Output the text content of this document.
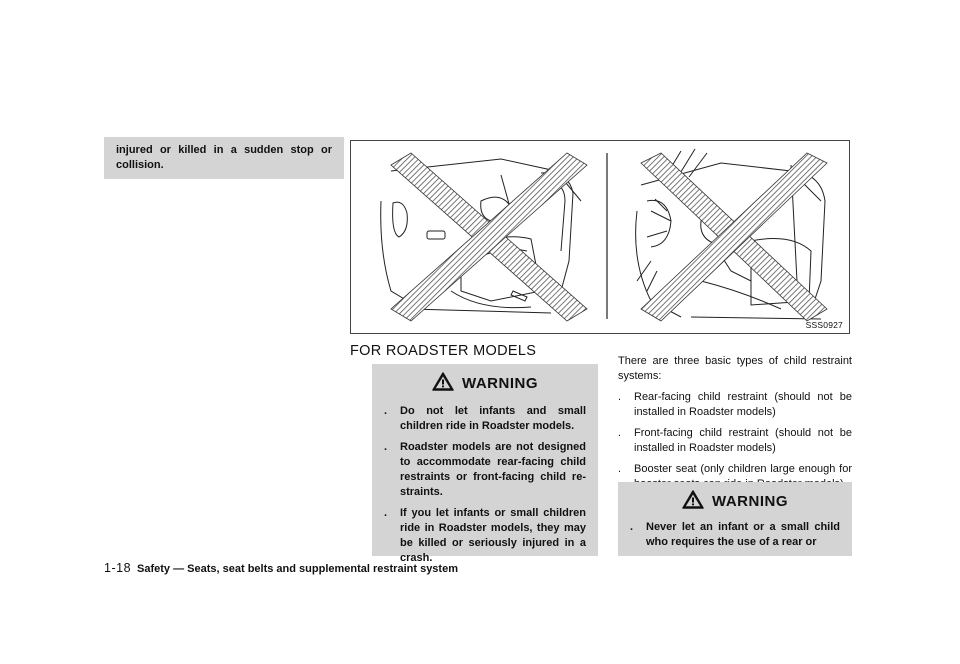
injured or killed in a sudden stop or collision.

SSS0927
FOR ROADSTER MODELS
WARNING
. Do not let infants and small children ride in Roadster models.
. Roadster models are not designed to accommodate rear-facing child restraints or front-facing child re-straints.
. If you let infants or small children ride in Roadster models, they may be killed or seriously injured in a crash.
There are three basic types of child restraint systems:
. Rear-facing child restraint (should not be installed in Roadster models)
. Front-facing child restraint (should not be installed in Roadster models)
. Booster seat (only children large enough for
WARNING
. Never let an infant or a small child who requires the use of a rear or
1-18 Safety — Seats, seat belts and supplemental restraint system
